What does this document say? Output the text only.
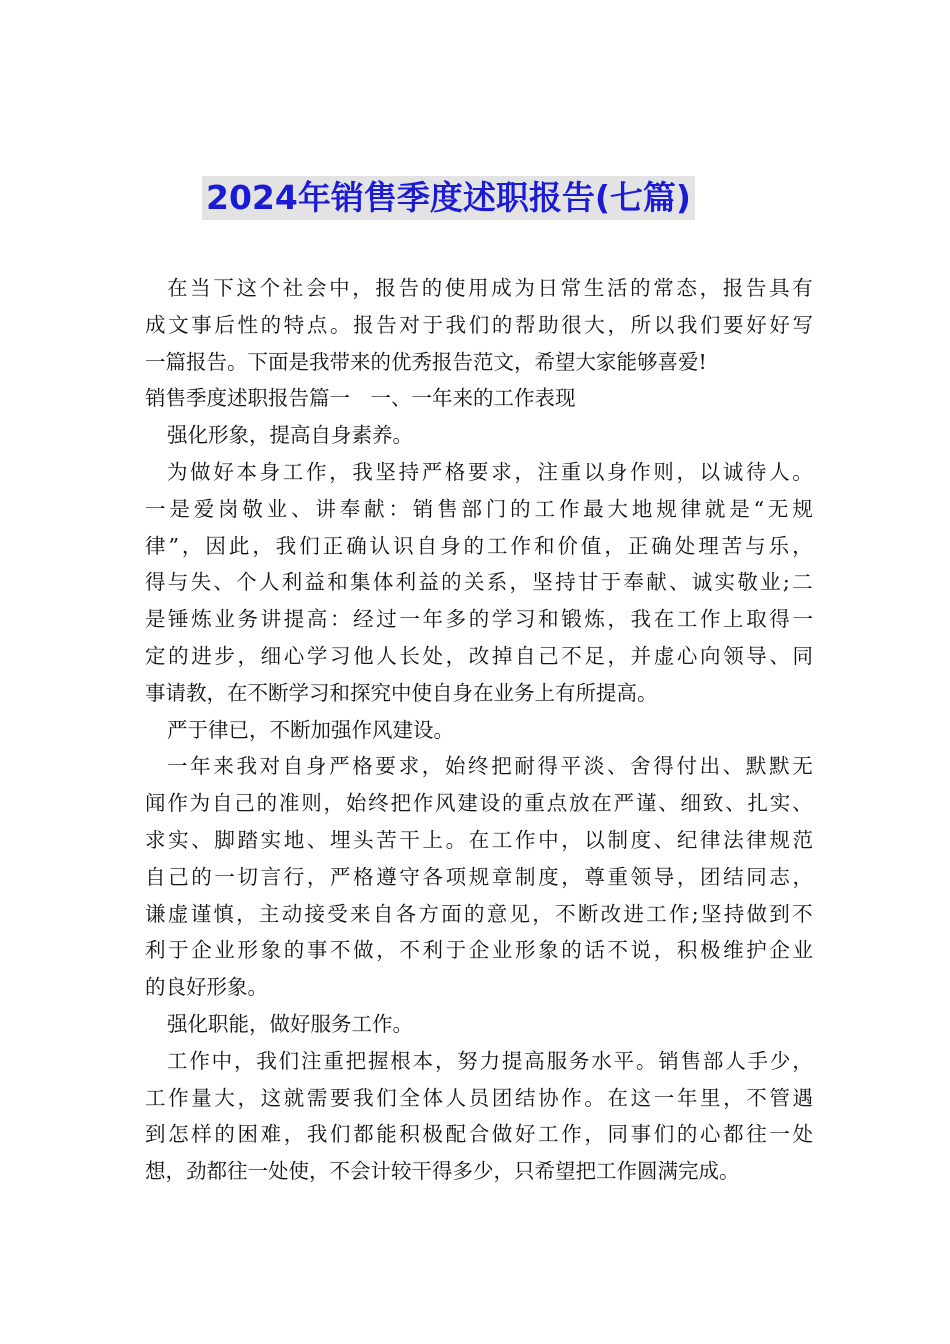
2024年销售季度述职报告(七篇)
在 当 下 这 个 社 会 中 ， 报 告 的 使 用 成 为 日 常 生 活 的 常 态 ， 报 告 具 有
成 文 事 后 性 的 特 点 。 报 告 对 于 我 们 的 帮 助 很 大 ， 所 以 我 们 要 好 好 写
一篇报告。下面是我带来的优秀报告范文，希望大家能够喜爱!
销售季度述职报告篇一　一、一年来的工作表现
强化形象，提高自身素养。
为 做 好 本 身 工 作 ， 我 坚 持 严 格 要 求 ， 注 重 以 身 作 则 ， 以 诚 待 人 。
一 是 爱 岗 敬 业 、 讲 奉 献 ： 销 售 部 门 的 工 作 最 大 地 规 律 就 是 “ 无 规
律 ” ， 因 此 ， 我 们 正 确 认 识 自 身 的 工 作 和 价 值 ， 正 确 处 理 苦 与 乐 ，
得 与 失 、 个 人 利 益 和 集 体 利 益 的 关 系 ， 坚 持 甘 于 奉 献 、 诚 实 敬 业 ; 二
是 锤 炼 业 务 讲 提 高 ： 经 过 一 年 多 的 学 习 和 锻 炼 ， 我 在 工 作 上 取 得 一
定 的 进 步 ， 细 心 学 习 他 人 长 处 ， 改 掉 自 己 不 足 ， 并 虚 心 向 领 导 、 同
事请教，在不断学习和探究中使自身在业务上有所提高。
严于律已，不断加强作风建设。
一 年 来 我 对 自 身 严 格 要 求 ， 始 终 把 耐 得 平 淡 、 舍 得 付 出 、 默 默 无
闻 作 为 自 己 的 准 则 ， 始 终 把 作 风 建 设 的 重 点 放 在 严 谨 、 细 致 、 扎 实 、
求 实 、 脚 踏 实 地 、 埋 头 苦 干 上 。 在 工 作 中 ， 以 制 度 、 纪 律 法 律 规 范
自 己 的 一 切 言 行 ， 严 格 遵 守 各 项 规 章 制 度 ， 尊 重 领 导 ， 团 结 同 志 ，
谦 虚 谨 慎 ， 主 动 接 受 来 自 各 方 面 的 意 见 ， 不 断 改 进 工 作 ; 坚 持 做 到 不
利 于 企 业 形 象 的 事 不 做 ， 不 利 于 企 业 形 象 的 话 不 说 ， 积 极 维 护 企 业
的良好形象。
强化职能，做好服务工作。
工 作 中 ， 我 们 注 重 把 握 根 本 ， 努 力 提 高 服 务 水 平 。 销 售 部 人 手 少 ，
工 作 量 大 ， 这 就 需 要 我 们 全 体 人 员 团 结 协 作 。 在 这 一 年 里 ， 不 管 遇
到 怎 样 的 困 难 ， 我 们 都 能 积 极 配 合 做 好 工 作 ， 同 事 们 的 心 都 往 一 处
想，劲都往一处使，不会计较干得多少，只希望把工作圆满完成。
